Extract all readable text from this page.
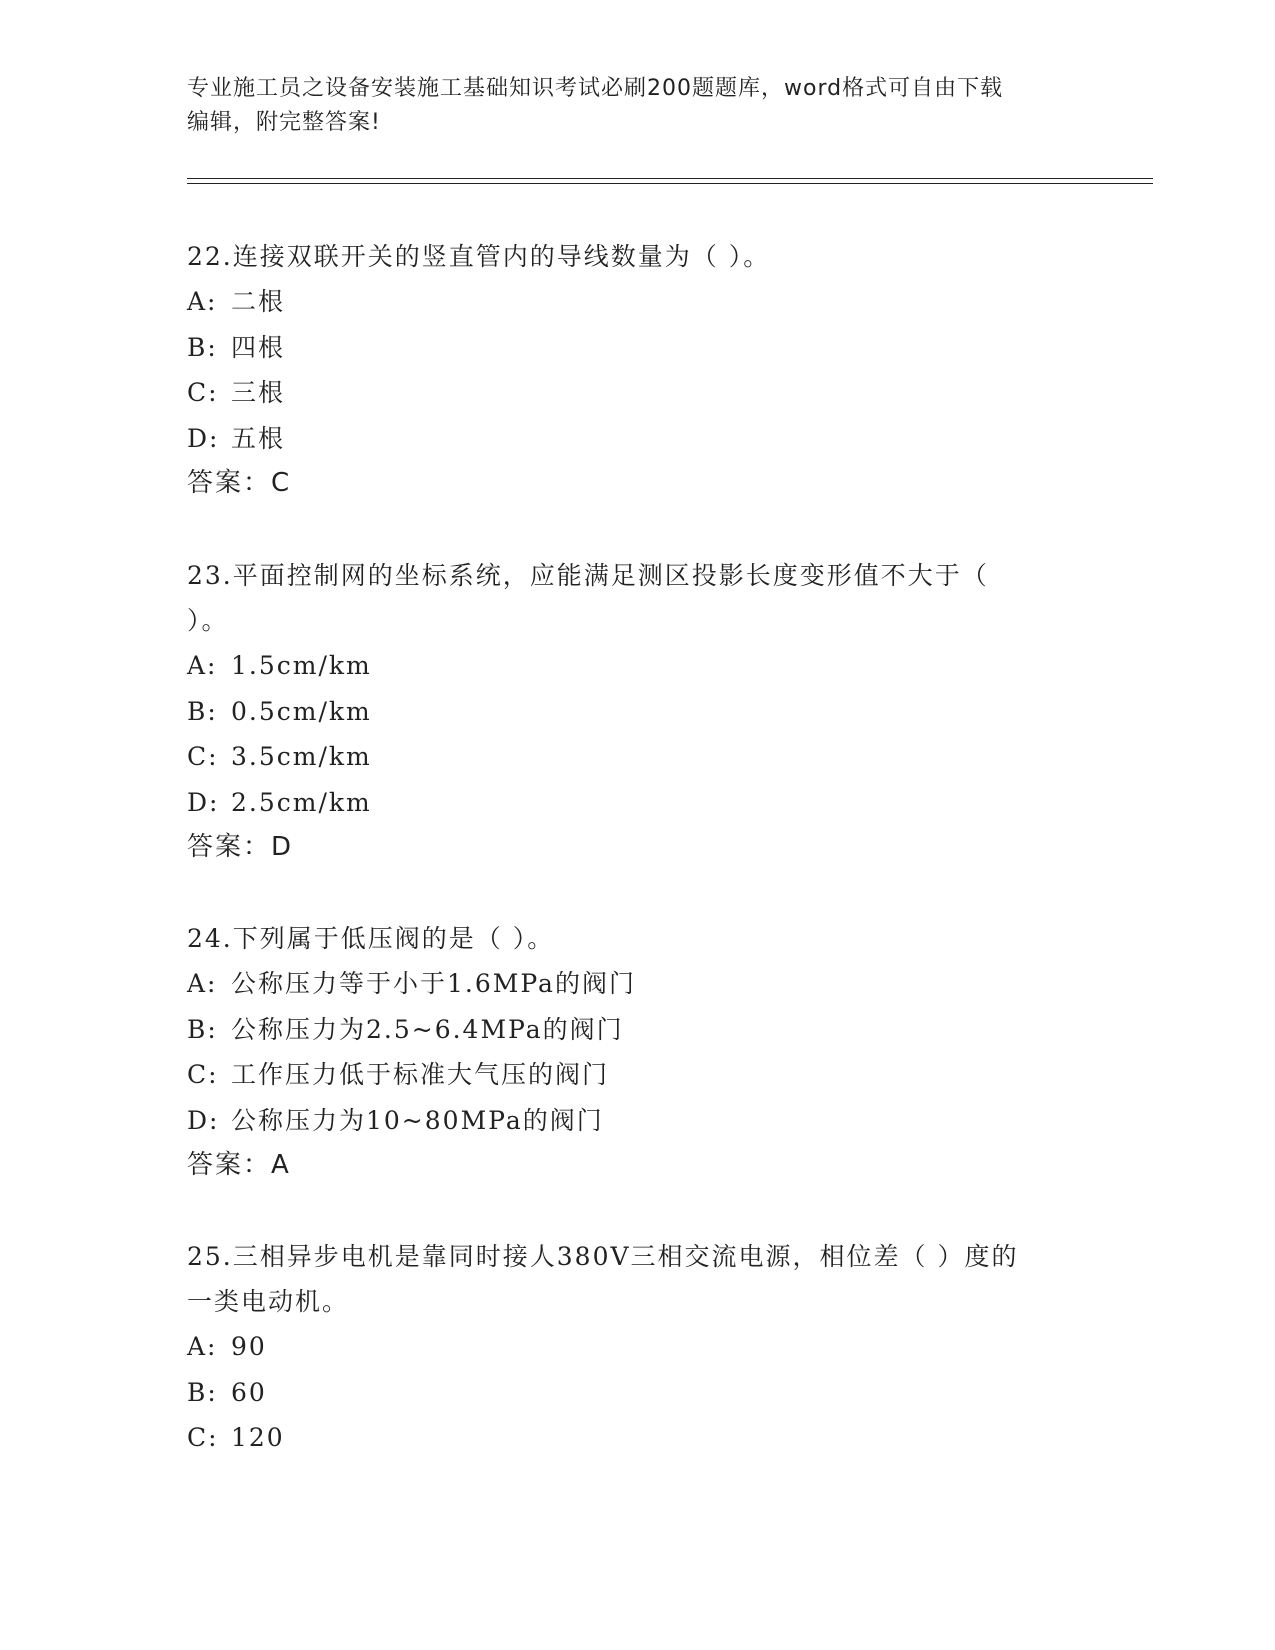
专业施工员之设备安装施工基础知识考试必刷200题题库，word格式可自由下载
编辑，附完整答案!

22.连接双联开关的竖直管内的导线数量为（ ）。

A: 二根

B: 四根

C: 三根

D: 五根

答案：C

23.平面控制网的坐标系统，应能满足测区投影长度变形值不大于（

）。

A: 1.5cm/km

B: 0.5cm/km

C: 3.5cm/km

D: 2.5cm/km

答案：D

24.下列属于低压阀的是（ ）。

A: 公称压力等于小于1.6MPa的阀门

B: 公称压力为2.5~6.4MPa的阀门

C: 工作压力低于标准大气压的阀门

D: 公称压力为10~80MPa的阀门

答案：A

25.三相异步电机是靠同时接人380V三相交流电源，相位差（ ）度的

一类电动机。

A: 90

B: 60

C: 120
